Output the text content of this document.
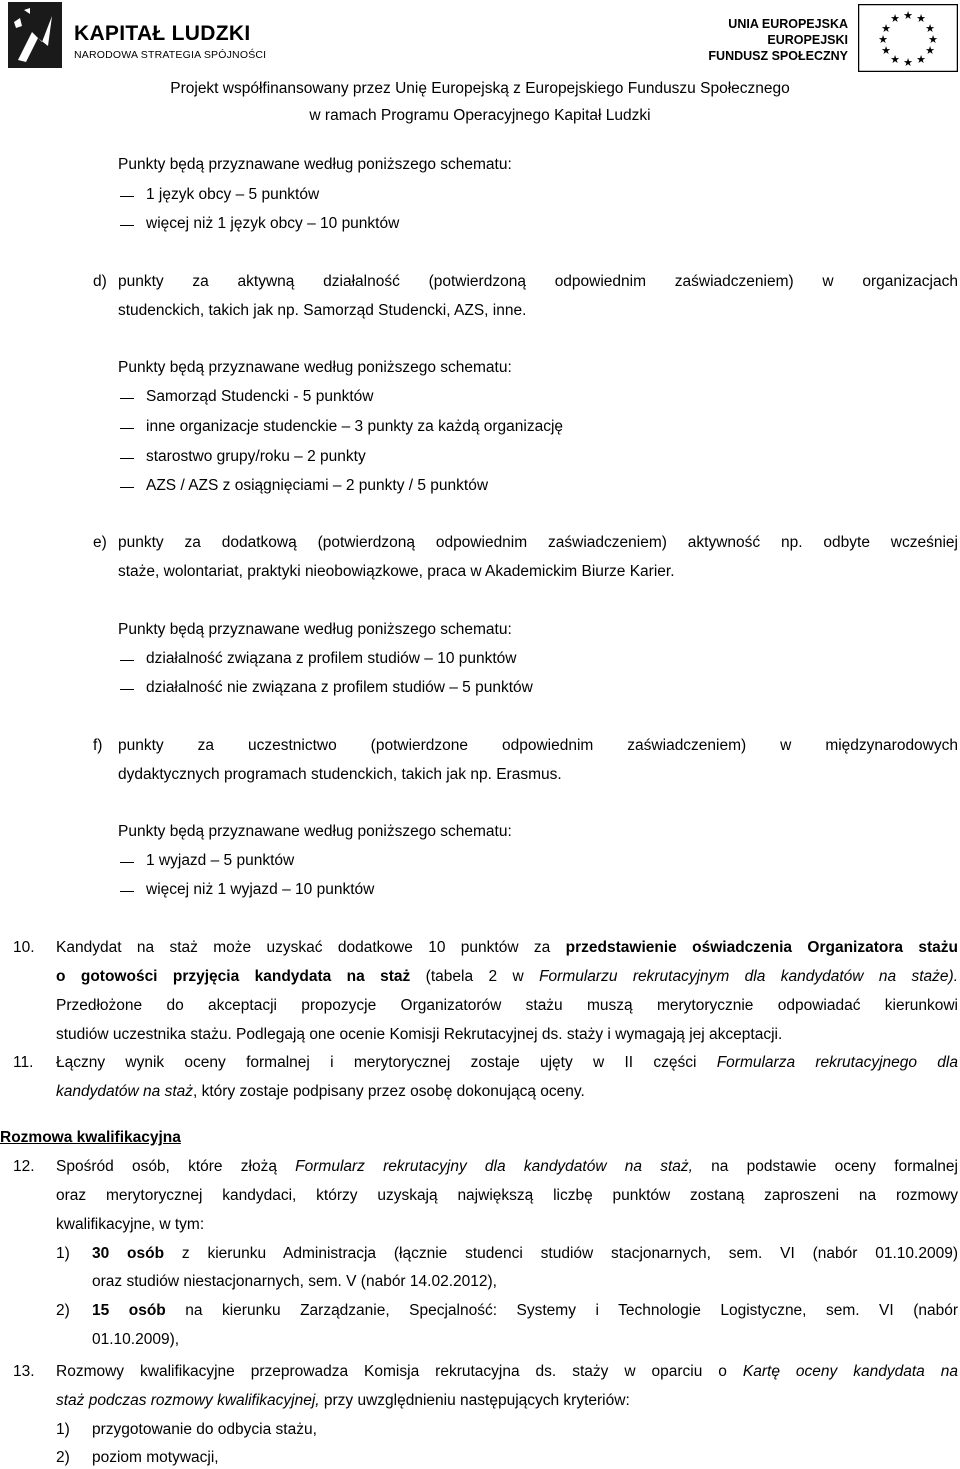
KAPITAŁ LUDZKI
NARODOWA STRATEGIA SPÓJNOŚCI
UNIA EUROPEJSKA
EUROPEJSKI
FUNDUSZ SPOŁECZNY
★ ★
★
★
★
★
★
★
★
★
★
★
Projekt współfinansowany przez Unię Europejską z Europejskiego Funduszu Społecznego
w ramach Programu Operacyjnego Kapitał Ludzki
Punkty będą przyznawane według poniższego schematu:
1 język obcy – 5 punktów
więcej niż 1 język obcy – 10 punktów
d) punkty za aktywną działalność (potwierdzoną odpowiednim zaświadczeniem) w organizacjach
studenckich, takich jak np. Samorząd Studencki, AZS, inne.
Punkty będą przyznawane według poniższego schematu:
Samorząd Studencki - 5 punktów
inne organizacje studenckie – 3 punkty za każdą organizację
starostwo grupy/roku – 2 punkty
AZS / AZS z osiągnięciami – 2 punkty / 5 punktów
e) punkty za dodatkową (potwierdzoną odpowiednim zaświadczeniem) aktywność np. odbyte wcześniej
staże, wolontariat, praktyki nieobowiązkowe, praca w Akademickim Biurze Karier.
Punkty będą przyznawane według poniższego schematu:
działalność związana z profilem studiów – 10 punktów
działalność nie związana z profilem studiów – 5 punktów
f) punkty za uczestnictwo (potwierdzone odpowiednim zaświadczeniem) w międzynarodowych
dydaktycznych programach studenckich, takich jak np. Erasmus.
Punkty będą przyznawane według poniższego schematu:
1 wyjazd – 5 punktów
więcej niż 1 wyjazd – 10 punktów
10. Kandydat na staż może uzyskać dodatkowe 10 punktów za przedstawienie oświadczenia Organizatora stażu
o gotowości przyjęcia kandydata na staż (tabela 2 w Formularzu rekrutacyjnym dla kandydatów na staże).
Przedłożone do akceptacji propozycje Organizatorów stażu muszą merytorycznie odpowiadać kierunkowi
studiów uczestnika stażu. Podlegają one ocenie Komisji Rekrutacyjnej ds. staży i wymagają jej akceptacji.
11. Łączny wynik oceny formalnej i merytorycznej zostaje ujęty w II części Formularza rekrutacyjnego dla
kandydatów na staż, który zostaje podpisany przez osobę dokonującą oceny.
Rozmowa kwalifikacyjna
12. Spośród osób, które złożą Formularz rekrutacyjny dla kandydatów na staż, na podstawie oceny formalnej
oraz merytorycznej kandydaci, którzy uzyskają największą liczbę punktów zostaną zaproszeni na rozmowy
kwalifikacyjne, w tym:
1) 30 osób z kierunku Administracja (łącznie studenci studiów stacjonarnych, sem. VI (nabór 01.10.2009)
oraz studiów niestacjonarnych, sem. V (nabór 14.02.2012),
2) 15 osób na kierunku Zarządzanie, Specjalność: Systemy i Technologie Logistyczne, sem. VI (nabór
01.10.2009),
13. Rozmowy kwalifikacyjne przeprowadza Komisja rekrutacyjna ds. staży w oparciu o Kartę oceny kandydata na
staż podczas rozmowy kwalifikacyjnej, przy uwzględnieniu następujących kryteriów:
1) przygotowanie do odbycia stażu,
2) poziom motywacji,
